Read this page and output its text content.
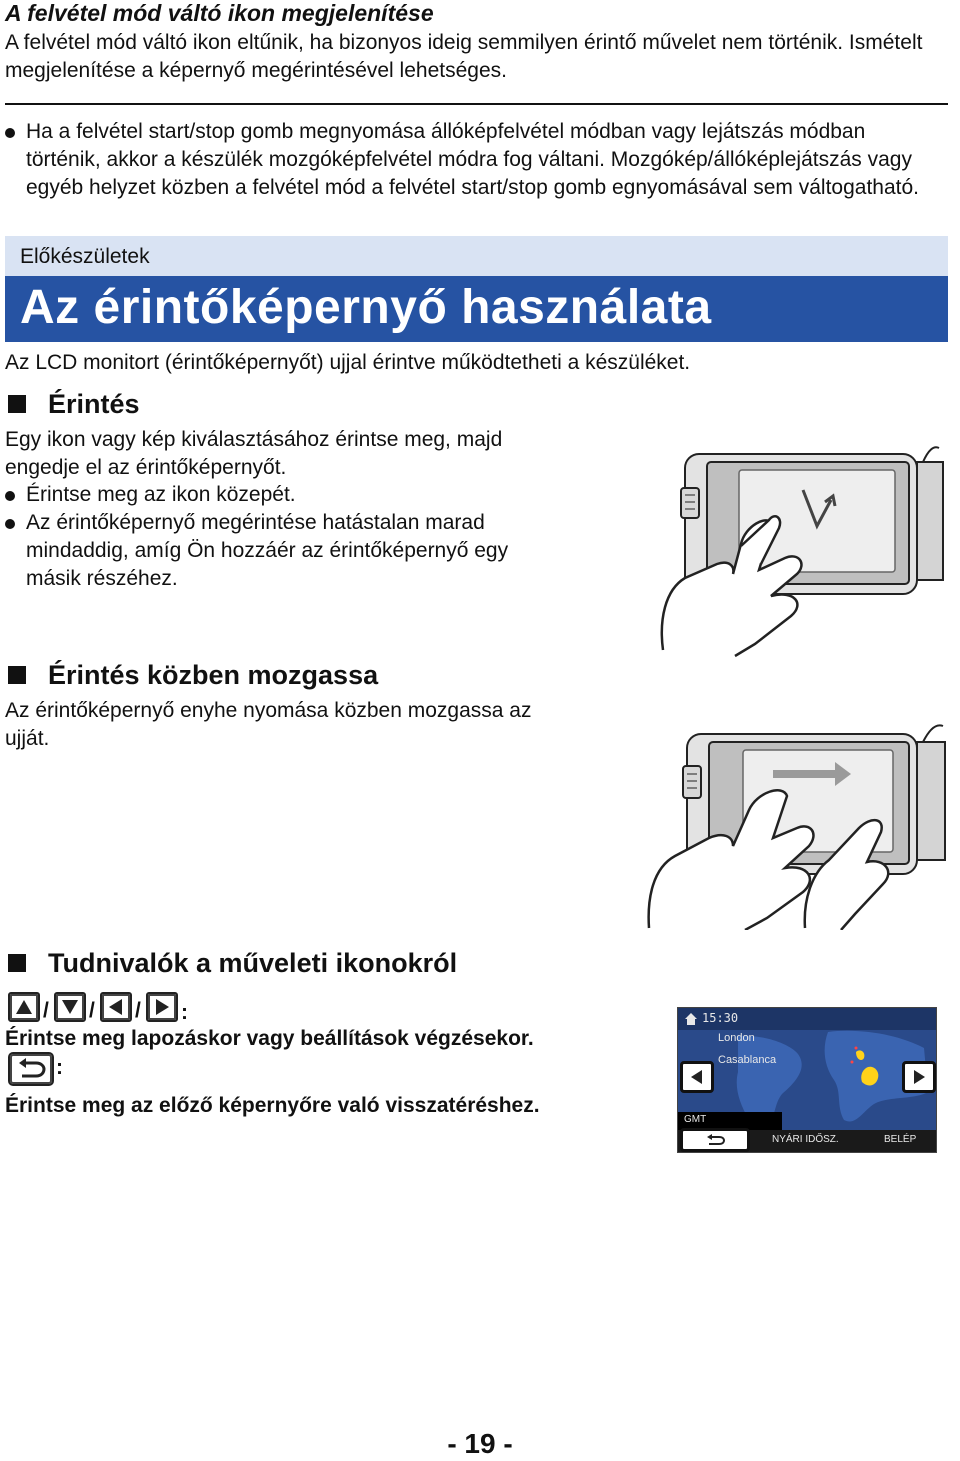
A felvétel mód váltó ikon megjelenítése
A felvétel mód váltó ikon eltűnik, ha bizonyos ideig semmilyen érintő művelet nem történik. Ismételt
megjelenítése a képernyő megérintésével lehetséges.
Ha a felvétel start/stop gomb megnyomása állóképfelvétel módban vagy lejátszás módban
történik, akkor a készülék mozgóképfelvétel módra fog váltani. Mozgókép/állóképlejátszás vagy
egyéb helyzet közben a felvétel mód a felvétel start/stop gomb egnyomásával sem váltogatható.
Előkészületek
Az érintőképernyő használata
Az LCD monitort (érintőképernyőt) ujjal érintve működtetheti a készüléket.
Érintés
Egy ikon vagy kép kiválasztásához érintse meg, majd
engedje el az érintőképernyőt.
Érintse meg az ikon közepét.
Az érintőképernyő megérintése hatástalan marad
mindaddig, amíg Ön hozzáér az érintőképernyő egy
másik részéhez.
Érintés közben mozgassa
Az érintőképernyő enyhe nyomása közben mozgassa az
ujját.
Tudnivalók a műveleti ikonokról
/ / / :
Érintse meg lapozáskor vagy beállítások végzésekor.
:
Érintse meg az előző képernyőre való visszatéréshez.
15:30
London
Casablanca
GMT
NYÁRI IDŐSZ.	BELÉP
- 19 -
